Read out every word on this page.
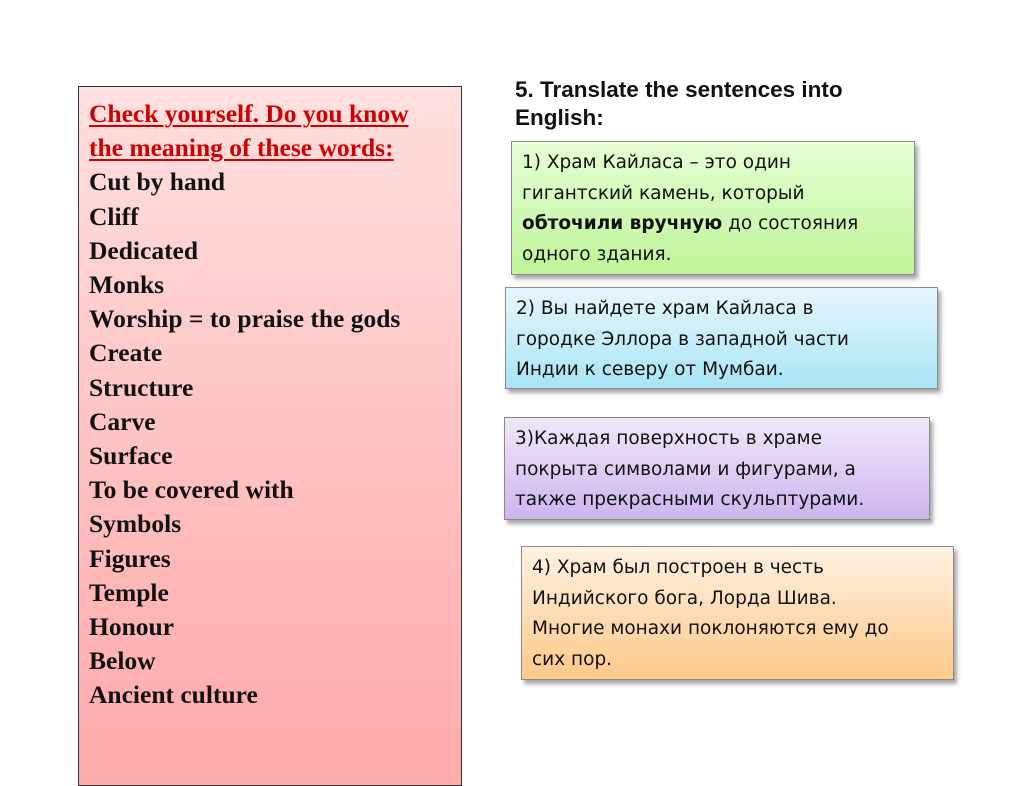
Check yourself. Do you know
the meaning of these words:
Cut by hand
Cliff
Dedicated
Monks
Worship = to praise the gods
Create
Structure
Carve
Surface
To be covered with
Symbols
Figures
Temple
Honour
Below
Ancient culture
5. Translate the sentences into
English:
1) Храм Кайласа – это один
гигантский камень, который
обточили вручную до состояния
одного здания.
2) Вы найдете храм Кайласа в
городке Эллора в западной части
Индии к северу от Мумбаи.
3)Каждая поверхность в храме
покрыта символами и фигурами, а
также прекрасными скульптурами.
4) Храм был построен в честь
Индийского бога, Лорда Шива.
Многие монахи поклоняются ему до
сих пор.
